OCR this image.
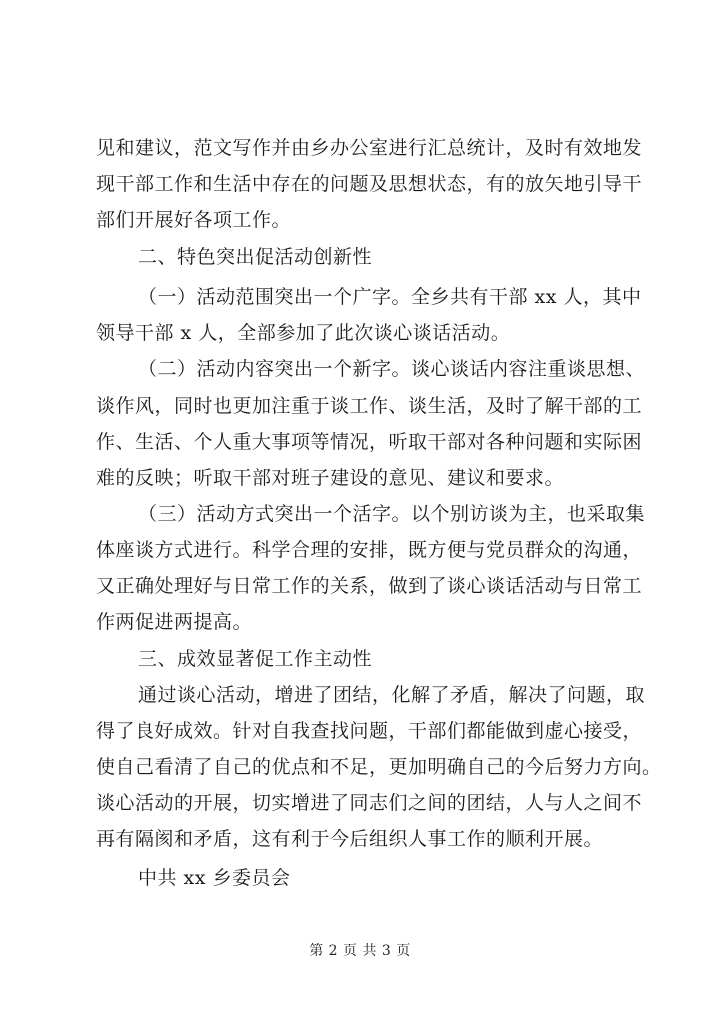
见和建议，范文写作并由乡办公室进行汇总统计，及时有效地发
现干部工作和生活中存在的问题及思想状态，有的放矢地引导干
部们开展好各项工作。
二、特色突出促活动创新性
（一）活动范围突出一个广字。全乡共有干部 xx 人，其中
领导干部 x 人，全部参加了此次谈心谈话活动。
（二）活动内容突出一个新字。谈心谈话内容注重谈思想、
谈作风，同时也更加注重于谈工作、谈生活，及时了解干部的工
作、生活、个人重大事项等情况，听取干部对各种问题和实际困
难的反映；听取干部对班子建设的意见、建议和要求。
（三）活动方式突出一个活字。以个别访谈为主，也采取集
体座谈方式进行。科学合理的安排，既方便与党员群众的沟通，
又正确处理好与日常工作的关系，做到了谈心谈话活动与日常工
作两促进两提高。
三、成效显著促工作主动性
通过谈心活动，增进了团结，化解了矛盾，解决了问题，取
得了良好成效。针对自我查找问题，干部们都能做到虚心接受，
使自己看清了自己的优点和不足，更加明确自己的今后努力方向。
谈心活动的开展，切实增进了同志们之间的团结，人与人之间不
再有隔阂和矛盾，这有利于今后组织人事工作的顺利开展。
中共 xx 乡委员会
第 2 页 共 3 页
